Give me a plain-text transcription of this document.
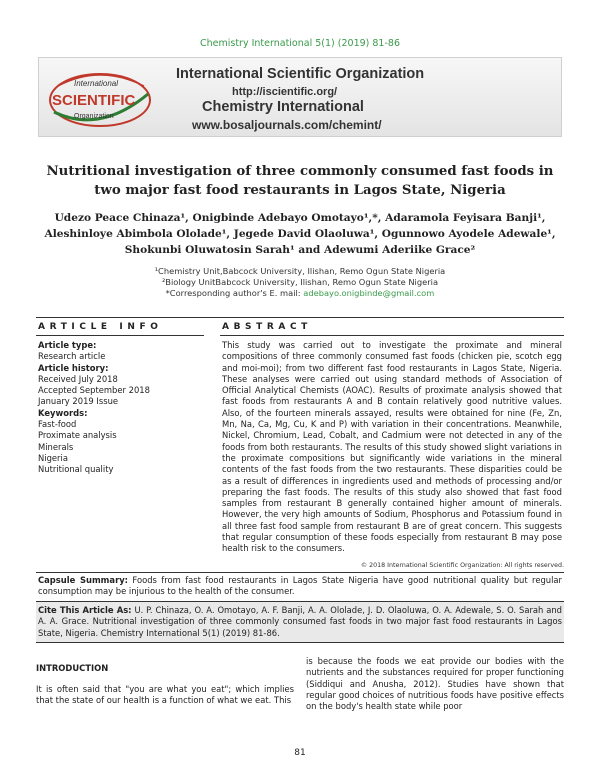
Chemistry International 5(1) (2019) 81-86
International
SCIENTIFIC
Organization
International Scientific Organization
http://iscientific.org/
Chemistry International
www.bosaljournals.com/chemint/
Nutritional investigation of three commonly consumed fast foods in two major fast food restaurants in Lagos State, Nigeria
Udezo Peace Chinaza¹, Onigbinde Adebayo Omotayo¹,*, Adaramola Feyisara Banji¹, Aleshinloye Abimbola Ololade¹, Jegede David Olaoluwa¹, Ogunnowo Ayodele Adewale¹, Shokunbi Oluwatosin Sarah¹ and Adewumi Aderiike Grace²
¹Chemistry Unit,Babcock University, Ilishan, Remo Ogun State Nigeria
²Biology UnitBabcock University, Ilishan, Remo Ogun State Nigeria
*Corresponding author's E. mail: adebayo.onigbinde@gmail.com
ARTICLE INFO	ABSTRACT
Article type:
Research article
Article history:
Received July 2018
Accepted September 2018
January 2019 Issue
Keywords:
Fast-food
Proximate analysis
Minerals
Nigeria
Nutritional quality
This study was carried out to investigate the proximate and mineral compositions of three commonly consumed fast foods (chicken pie, scotch egg and moi-moi); from two different fast food restaurants in Lagos State, Nigeria. These analyses were carried out using standard methods of Association of Official Analytical Chemists (AOAC). Results of proximate analysis showed that fast foods from restaurants A and B contain relatively good nutritive values. Also, of the fourteen minerals assayed, results were obtained for nine (Fe, Zn, Mn, Na, Ca, Mg, Cu, K and P) with variation in their concentrations. Meanwhile, Nickel, Chromium, Lead, Cobalt, and Cadmium were not detected in any of the foods from both restaurants. The results of this study showed slight variations in the proximate compositions but significantly wide variations in the mineral contents of the fast foods from the two restaurants. These disparities could be as a result of differences in ingredients used and methods of processing and/or preparing the fast foods. The results of this study also showed that fast food samples from restaurant B generally contained higher amount of minerals. However, the very high amounts of Sodium, Phosphorus and Potassium found in all three fast food sample from restaurant B are of great concern. This suggests that regular consumption of these foods especially from restaurant B may pose health risk to the consumers.
© 2018 International Scientific Organization: All rights reserved.
Capsule Summary: Foods from fast food restaurants in Lagos State Nigeria have good nutritional quality but regular consumption may be injurious to the health of the consumer.
Cite This Article As: U. P. Chinaza, O. A. Omotayo, A. F. Banji, A. A. Ololade, J. D. Olaoluwa, O. A. Adewale, S. O. Sarah and A. A. Grace. Nutritional investigation of three commonly consumed fast foods in two major fast food restaurants in Lagos State, Nigeria. Chemistry International 5(1) (2019) 81-86.
INTRODUCTION
It is often said that "you are what you eat"; which implies that the state of our health is a function of what we eat. This
is because the foods we eat provide our bodies with the nutrients and the substances required for proper functioning (Siddiqui and Anusha, 2012). Studies have shown that regular good choices of nutritious foods have positive effects on the body's health state while poor
81
